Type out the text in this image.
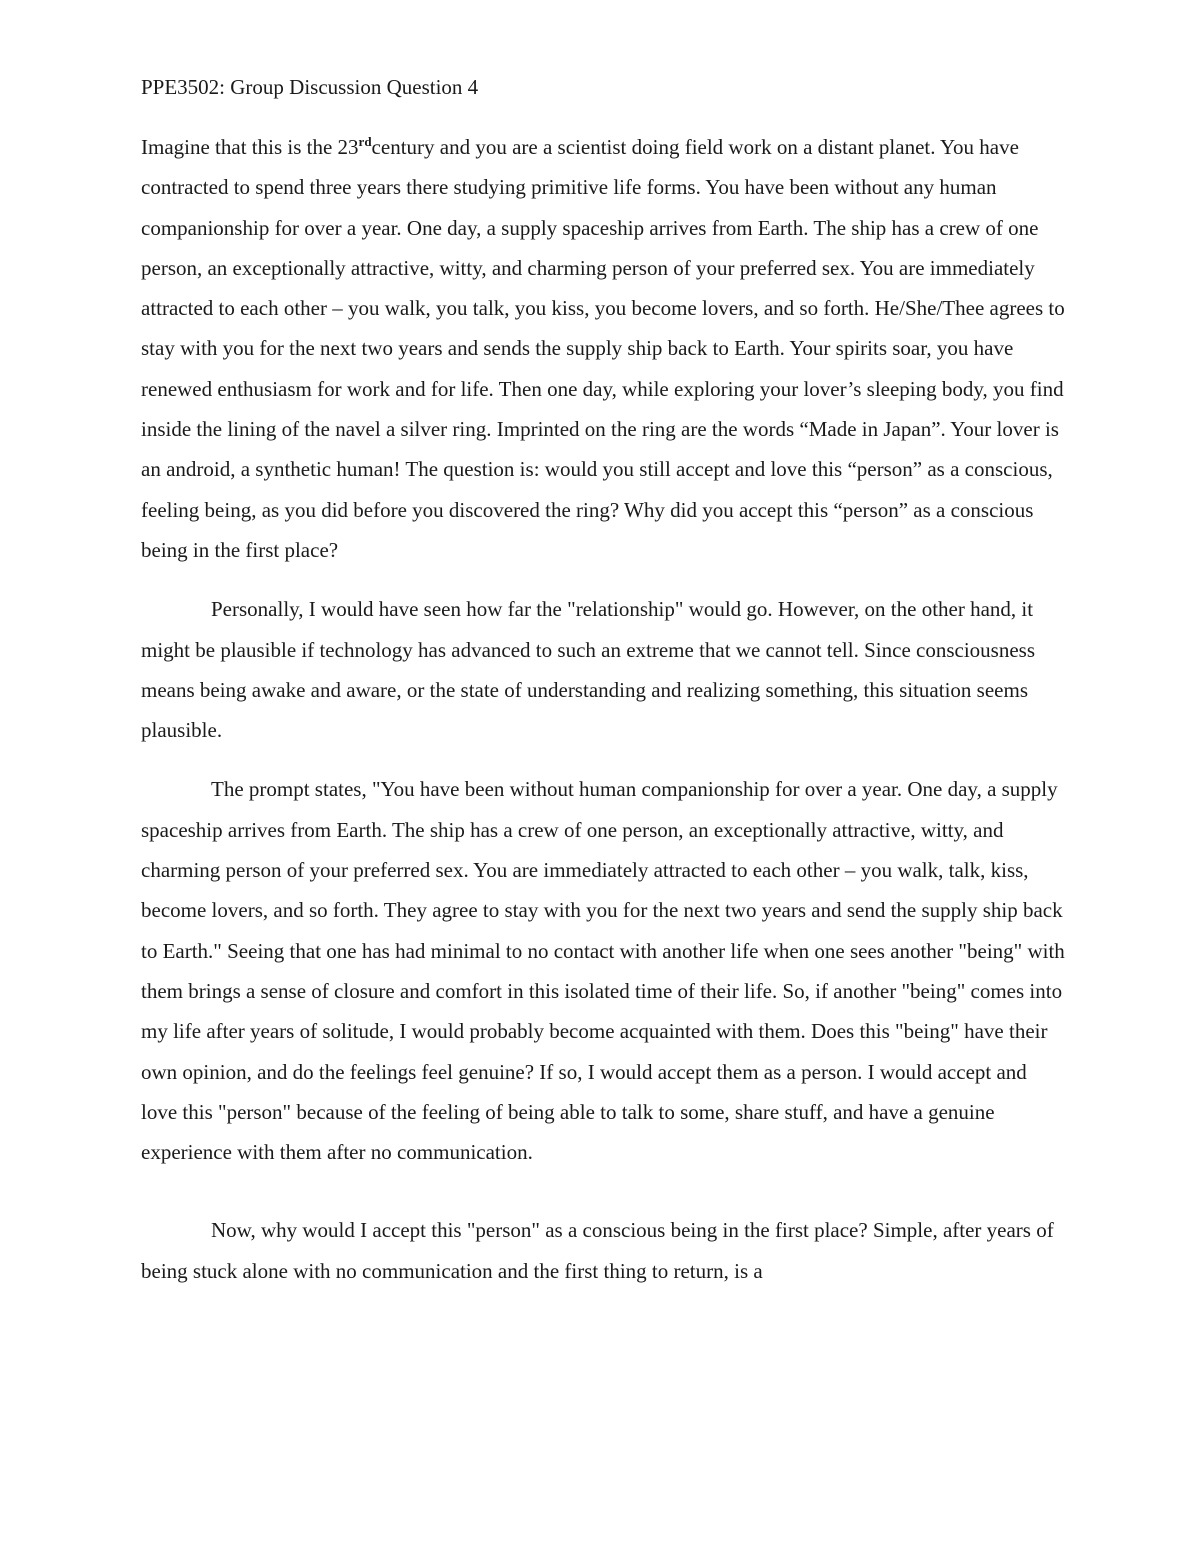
PPE3502: Group Discussion Question 4

Imagine that this is the 23rdcentury and you are a scientist doing field work on a distant planet. You have contracted to spend three years there studying primitive life forms. You have been without any human companionship for over a year. One day, a supply spaceship arrives from Earth. The ship has a crew of one person, an exceptionally attractive, witty, and charming person of your preferred sex. You are immediately attracted to each other – you walk, you talk, you kiss, you become lovers, and so forth. He/She/Thee agrees to stay with you for the next two years and sends the supply ship back to Earth. Your spirits soar, you have renewed enthusiasm for work and for life. Then one day, while exploring your lover’s sleeping body, you find inside the lining of the navel a silver ring. Imprinted on the ring are the words “Made in Japan”. Your lover is an android, a synthetic human! The question is: would you still accept and love this “person” as a conscious, feeling being, as you did before you discovered the ring? Why did you accept this “person” as a conscious being in the first place?

Personally, I would have seen how far the "relationship" would go. However, on the other hand, it might be plausible if technology has advanced to such an extreme that we cannot tell. Since consciousness means being awake and aware, or the state of understanding and realizing something, this situation seems plausible.

The prompt states, "You have been without human companionship for over a year. One day, a supply spaceship arrives from Earth. The ship has a crew of one person, an exceptionally attractive, witty, and charming person of your preferred sex. You are immediately attracted to each other – you walk, talk, kiss, become lovers, and so forth. They agree to stay with you for the next two years and send the supply ship back to Earth." Seeing that one has had minimal to no contact with another life when one sees another "being" with them brings a sense of closure and comfort in this isolated time of their life. So, if another "being" comes into my life after years of solitude, I would probably become acquainted with them. Does this "being" have their own opinion, and do the feelings feel genuine? If so, I would accept them as a person. I would accept and love this "person" because of the feeling of being able to talk to some, share stuff, and have a genuine experience with them after no communication.

Now, why would I accept this "person" as a conscious being in the first place? Simple, after years of being stuck alone with no communication and the first thing to return, is a
